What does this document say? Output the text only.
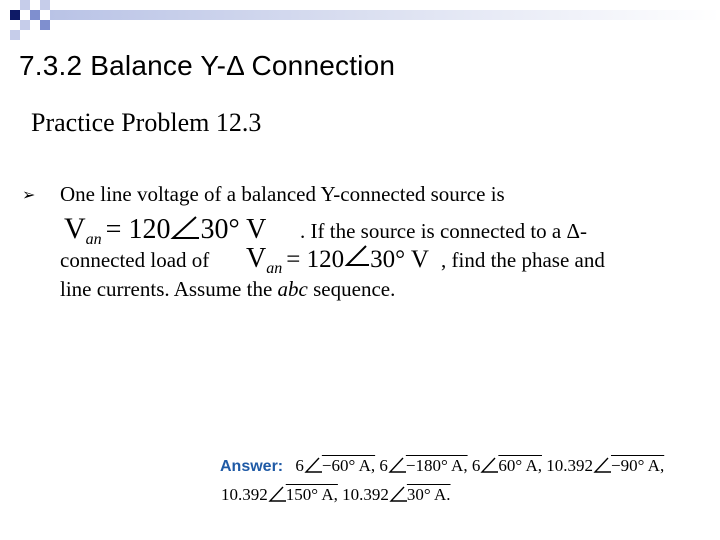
7.3.2 Balance Y-Δ Connection
Practice Problem 12.3
➢ One line voltage of a balanced Y-connected source is
$V_{an} = 120$ 30° V . If the source is connected to a Δ-
connected load of $V_{an} = 120$ 30° V , find the phase and
line currents. Assume the abc sequence.
Answer: 6 −60° A, 6 −180° A, 6 60° A, 10.392 −90° A,
10.392 150° A, 10.392 30° A.
